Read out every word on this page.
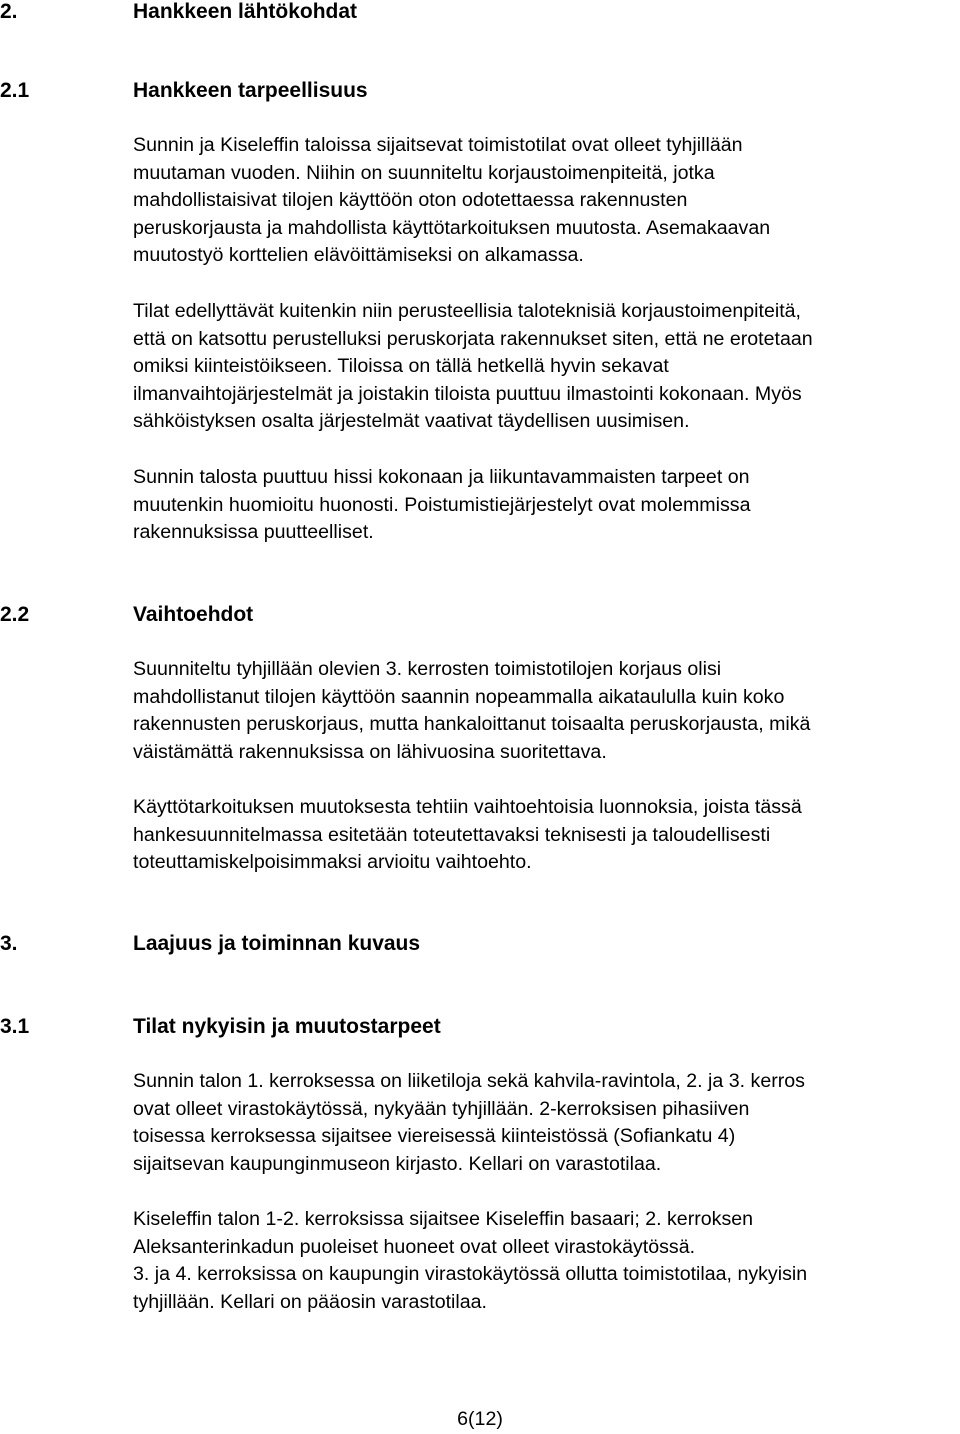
2.	Hankkeen lähtökohdat
2.1	Hankkeen tarpeellisuus
Sunnin ja Kiseleffin taloissa sijaitsevat toimistotilat ovat olleet tyhjillään
muutaman vuoden. Niihin on suunniteltu korjaustoimenpiteitä, jotka
mahdollistaisivat tilojen käyttöön oton odotettaessa rakennusten
peruskorjausta ja mahdollista käyttötarkoituksen muutosta. Asemakaavan
muutostyö korttelien elävöittämiseksi on alkamassa.
Tilat edellyttävät kuitenkin niin perusteellisia taloteknisiä korjaustoimenpiteitä,
että on katsottu perustelluksi peruskorjata rakennukset siten, että ne erotetaan
omiksi kiinteistöikseen. Tiloissa on tällä hetkellä hyvin sekavat
ilmanvaihtojärjestelmät ja joistakin tiloista puuttuu ilmastointi kokonaan. Myös
sähköistyksen osalta järjestelmät vaativat täydellisen uusimisen.
Sunnin talosta puuttuu hissi kokonaan ja liikuntavammaisten tarpeet on
muutenkin huomioitu huonosti. Poistumistiejärjestelyt ovat molemmissa
rakennuksissa puutteelliset.
2.2	Vaihtoehdot
Suunniteltu tyhjillään olevien 3. kerrosten toimistotilojen korjaus olisi
mahdollistanut tilojen käyttöön saannin nopeammalla aikataululla kuin koko
rakennusten peruskorjaus, mutta hankaloittanut toisaalta peruskorjausta, mikä
väistämättä rakennuksissa on lähivuosina suoritettava.
Käyttötarkoituksen muutoksesta tehtiin vaihtoehtoisia luonnoksia, joista tässä
hankesuunnitelmassa esitetään toteutettavaksi teknisesti ja taloudellisesti
toteuttamiskelpoisimmaksi arvioitu vaihtoehto.
3.	Laajuus ja toiminnan kuvaus
3.1	Tilat nykyisin ja muutostarpeet
Sunnin talon 1. kerroksessa on liiketiloja sekä kahvila-ravintola, 2. ja 3. kerros
ovat olleet virastokäytössä, nykyään tyhjillään. 2-kerroksisen pihasiiven
toisessa kerroksessa sijaitsee viereisessä kiinteistössä (Sofiankatu 4)
sijaitsevan kaupunginmuseon kirjasto. Kellari on varastotilaa.
Kiseleffin talon 1-2. kerroksissa sijaitsee Kiseleffin basaari; 2. kerroksen
Aleksanterinkadun puoleiset huoneet ovat olleet virastokäytössä.
3. ja 4. kerroksissa on kaupungin virastokäytössä ollutta toimistotilaa, nykyisin
tyhjillään. Kellari on pääosin varastotilaa.
6(12)
